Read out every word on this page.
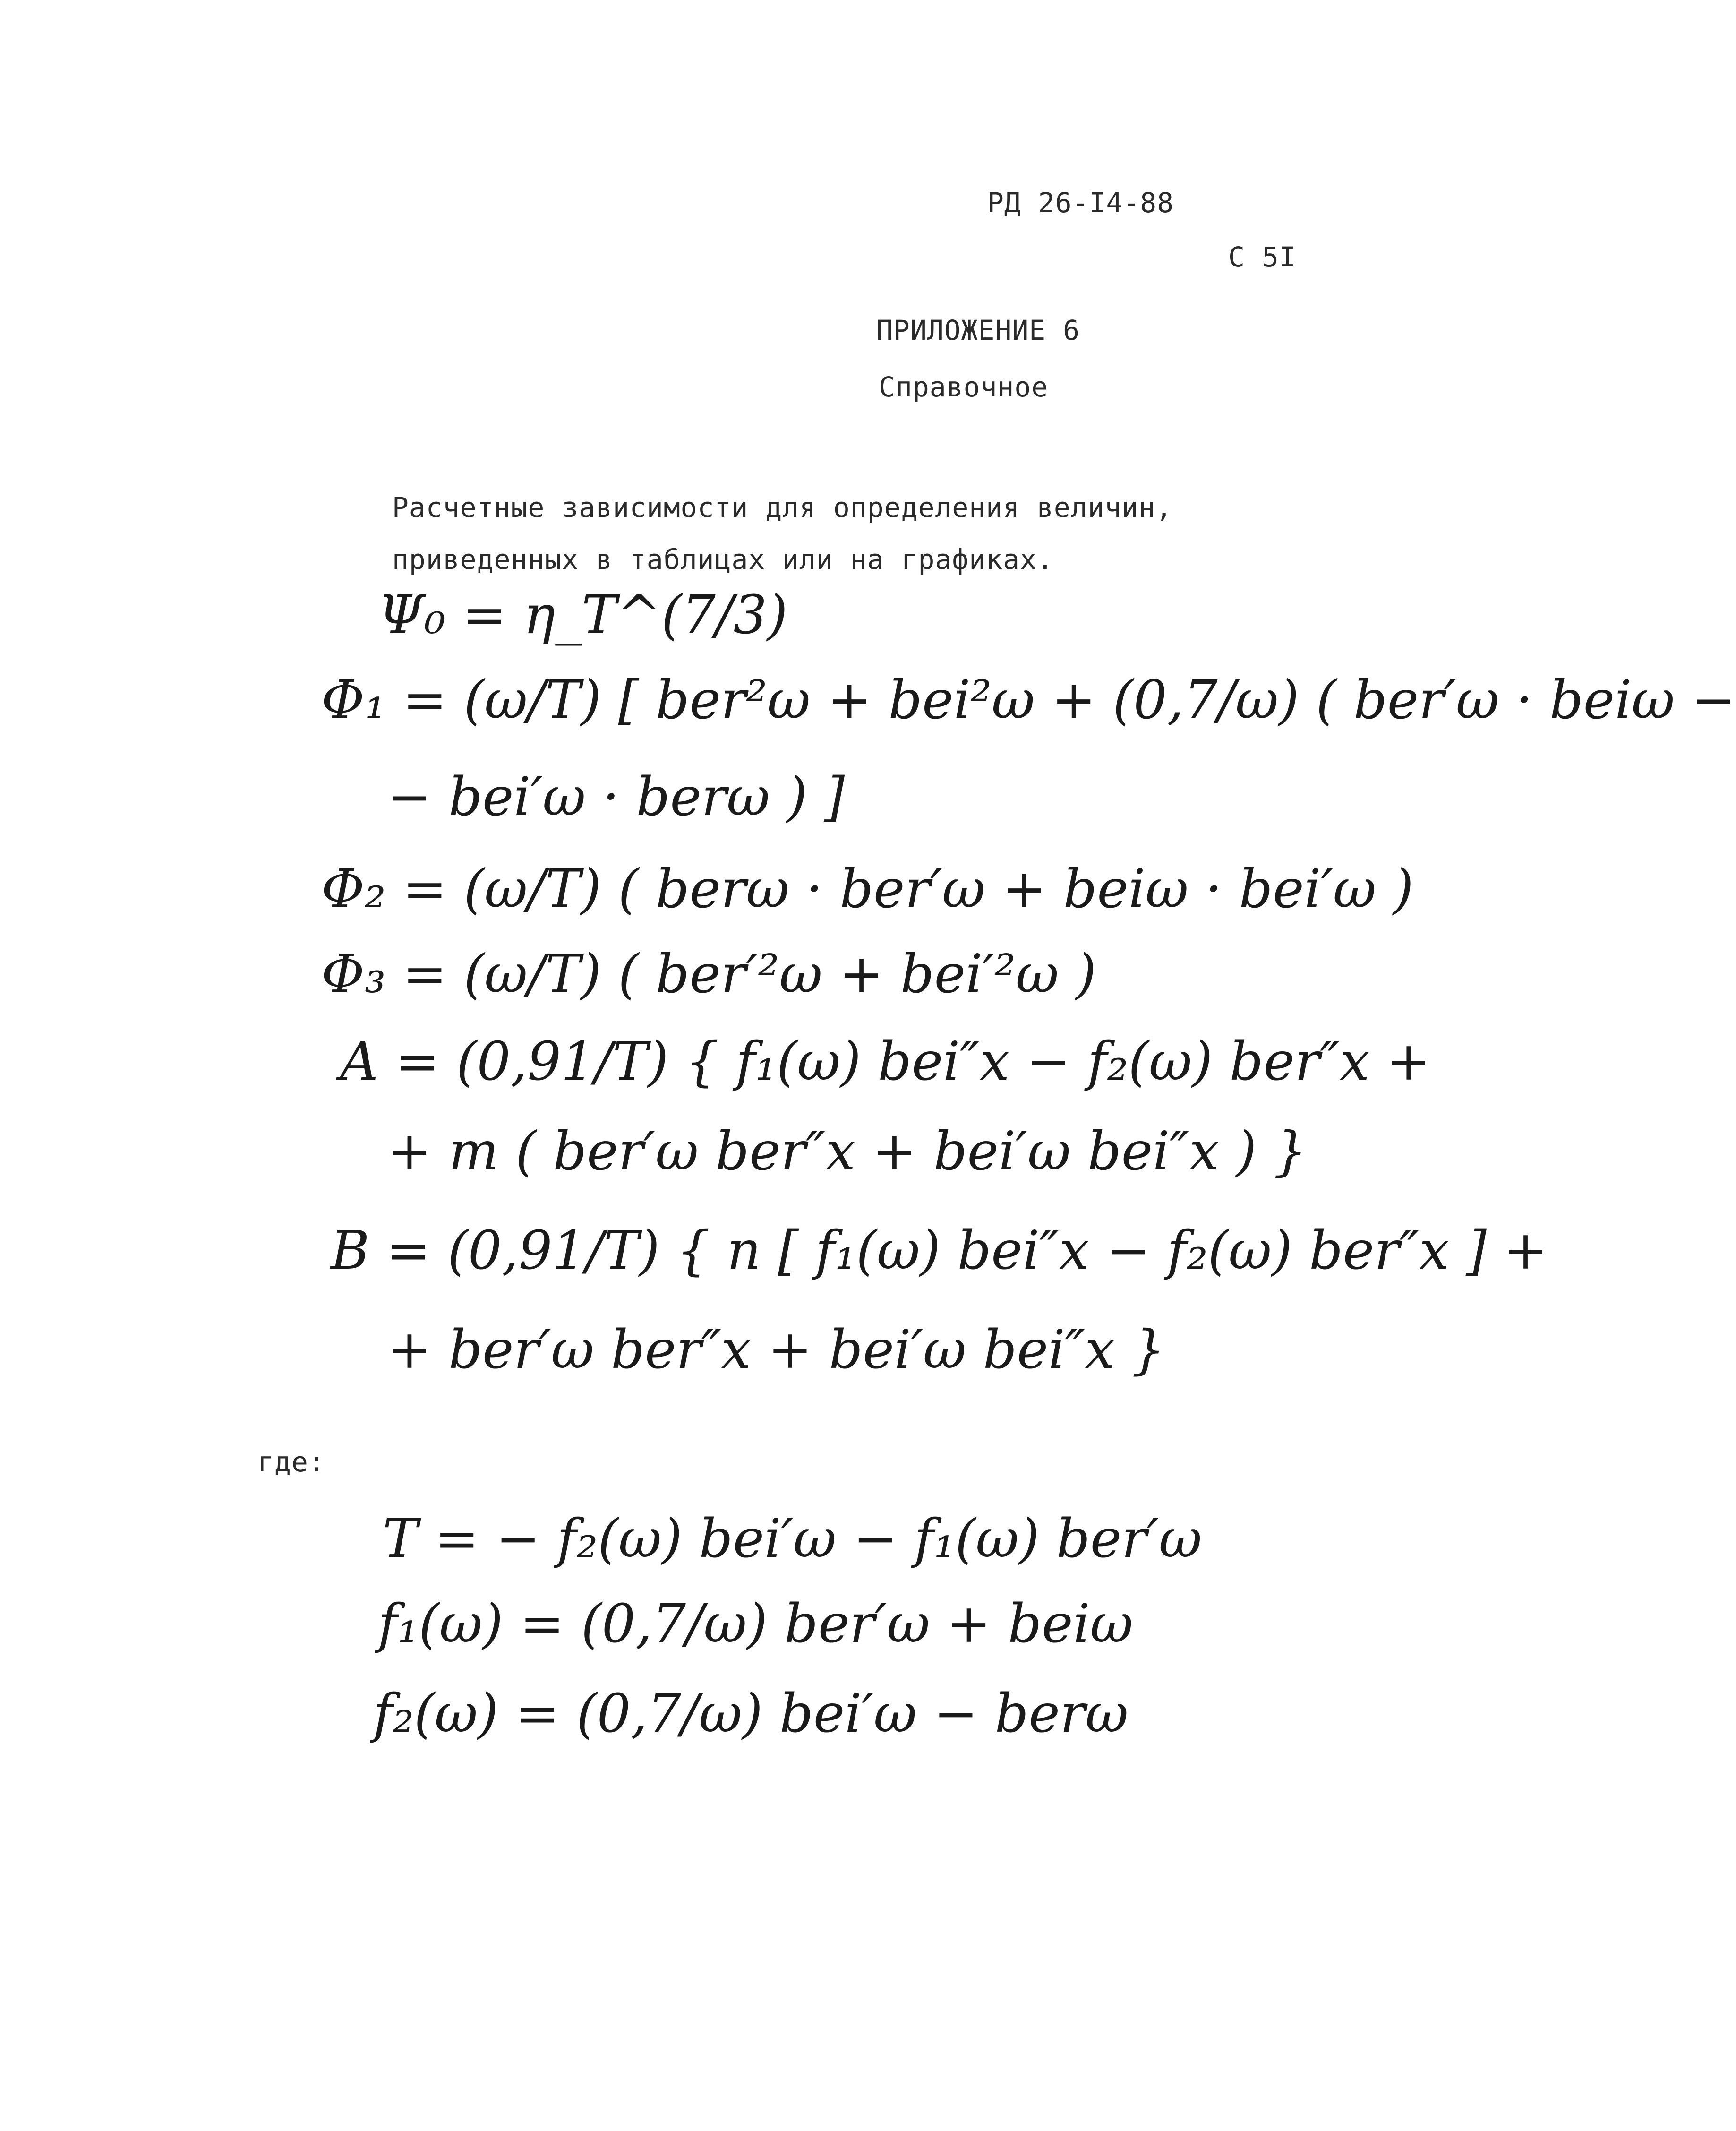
РД 26-I4-88
С 5I
ПРИЛОЖЕНИЕ 6
Справочное
Расчетные зависимости для определения величин,
приведенных в таблицах или на графиках.
Ψ₀ = η_T^(7/3)
Φ₁ = (ω/T) [ ber²ω + bei²ω + (0,7/ω) ( ber′ω · beiω −
− bei′ω · berω ) ]
Φ₂ = (ω/T) ( berω · ber′ω + beiω · bei′ω )
Φ₃ = (ω/T) ( ber′²ω + bei′²ω )
A = (0,91/T) { f₁(ω) bei″x − f₂(ω) ber″x +
+ m ( ber′ω ber″x + bei′ω bei″x ) }
B = (0,91/T) { n [ f₁(ω) bei″x − f₂(ω) ber″x ] +
+ ber′ω ber″x + bei′ω bei″x }
где:
T = − f₂(ω) bei′ω − f₁(ω) ber′ω
f₁(ω) = (0,7/ω) ber′ω + beiω
f₂(ω) = (0,7/ω) bei′ω − berω
